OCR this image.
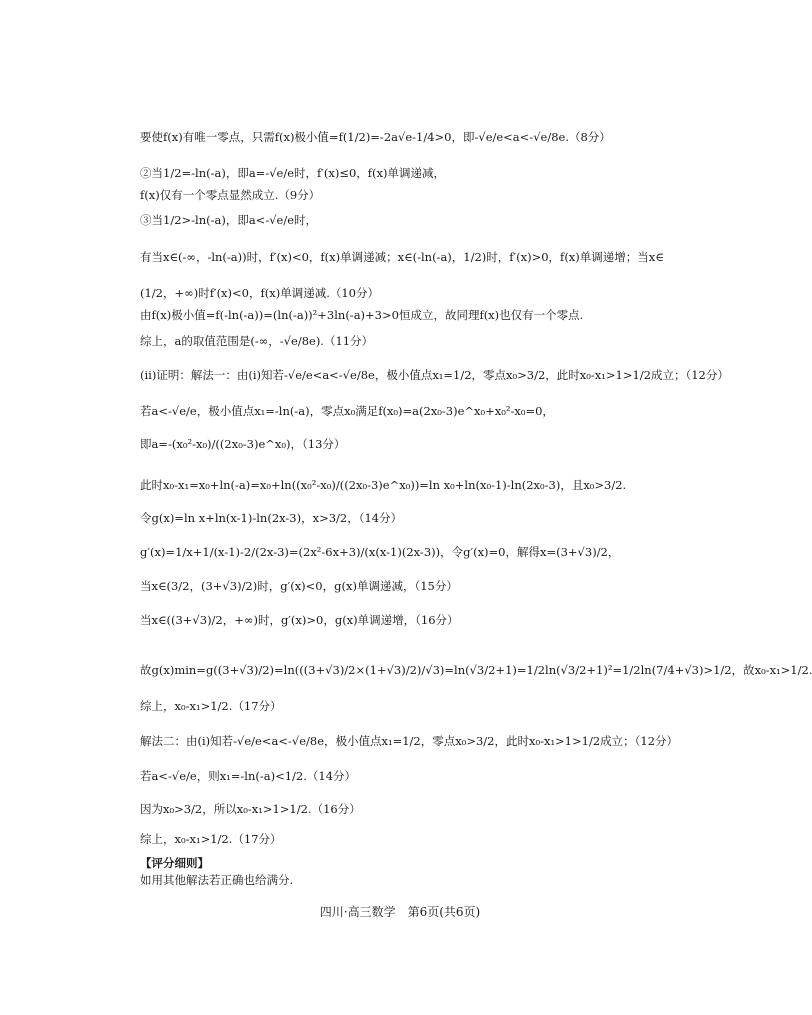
要使f(x)有唯一零点，只需f(x)极小值=f(1/2)=-2a√e-1/4>0，即-√e/e<a<-√e/8e.（8分）
②当1/2=-ln(-a)，即a=-√e/e时，f′(x)≤0，f(x)单调递减，
f(x)仅有一个零点显然成立.（9分）
③当1/2>-ln(-a)，即a<-√e/e时，
有当x∈(-∞，-ln(-a))时，f′(x)<0，f(x)单调递减；x∈(-ln(-a)，1/2)时，f′(x)>0，f(x)单调递增；当x∈
(1/2，+∞)时f′(x)<0，f(x)单调递减.（10分）
由f(x)极小值=f(-ln(-a))=(ln(-a))²+3ln(-a)+3>0恒成立，故同理f(x)也仅有一个零点.
综上，a的取值范围是(-∞，-√e/8e).（11分）
(ⅱ)证明：解法一：由(ⅰ)知若-√e/e<a<-√e/8e，极小值点x₁=1/2，零点x₀>3/2，此时x₀-x₁>1>1/2成立；（12分）
若a<-√e/e，极小值点x₁=-ln(-a)，零点x₀满足f(x₀)=a(2x₀-3)e^x₀+x₀²-x₀=0，
即a=-(x₀²-x₀)/((2x₀-3)e^x₀)，（13分）
此时x₀-x₁=x₀+ln(-a)=x₀+ln((x₀²-x₀)/((2x₀-3)e^x₀))=ln x₀+ln(x₀-1)-ln(2x₀-3)，且x₀>3/2.
令g(x)=ln x+ln(x-1)-ln(2x-3)，x>3/2，（14分）
g′(x)=1/x+1/(x-1)-2/(2x-3)=(2x²-6x+3)/(x(x-1)(2x-3))，令g′(x)=0，解得x=(3+√3)/2，
当x∈(3/2，(3+√3)/2)时，g′(x)<0，g(x)单调递减，（15分）
当x∈((3+√3)/2，+∞)时，g′(x)>0，g(x)单调递增，（16分）
故g(x)min=g((3+√3)/2)=ln(((3+√3)/2×(1+√3)/2)/√3)=ln(√3/2+1)=1/2ln(√3/2+1)²=1/2ln(7/4+√3)>1/2，故x₀-x₁>1/2.
综上，x₀-x₁>1/2.（17分）
解法二：由(ⅰ)知若-√e/e<a<-√e/8e，极小值点x₁=1/2，零点x₀>3/2，此时x₀-x₁>1>1/2成立；（12分）
若a<-√e/e，则x₁=-ln(-a)<1/2.（14分）
因为x₀>3/2，所以x₀-x₁>1>1/2.（16分）
综上，x₀-x₁>1/2.（17分）
【评分细则】
如用其他解法若正确也给满分.
四川·高三数学　第6页(共6页)
